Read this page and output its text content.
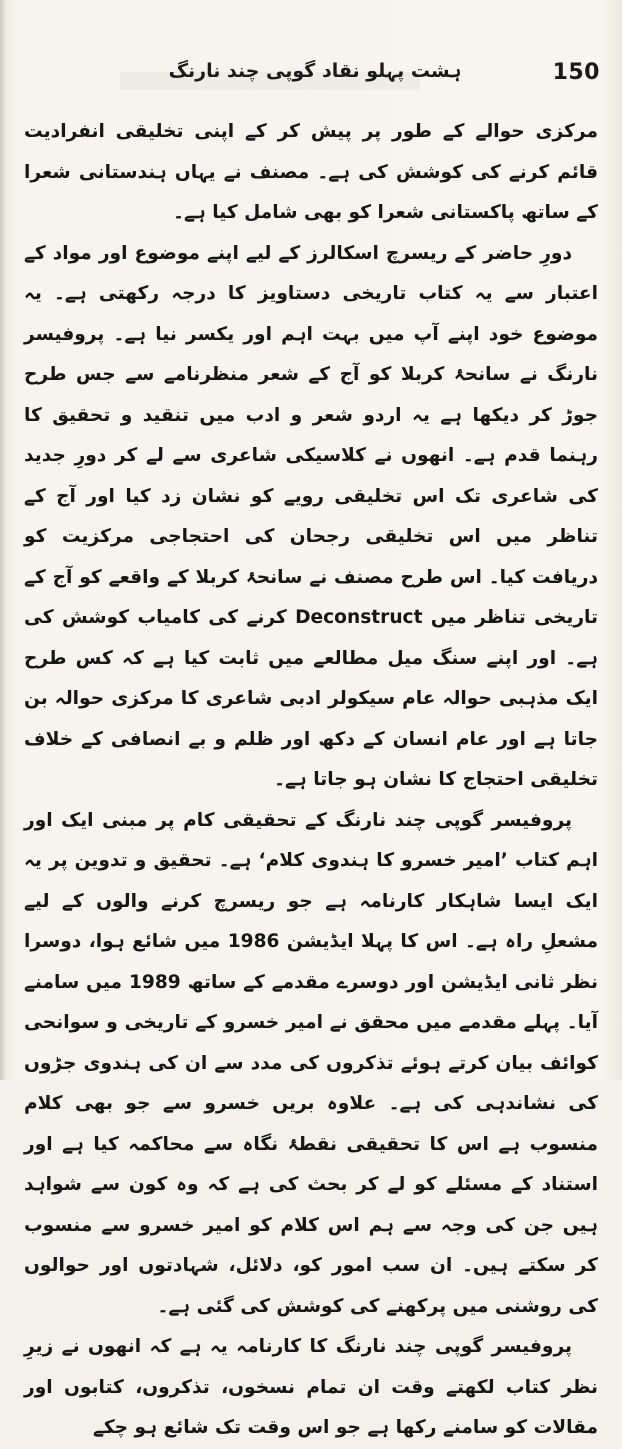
150
ہشت پہلو نقاد گوپی چند نارنگ

مرکزی حوالے کے طور پر پیش کر کے اپنی تخلیقی انفرادیت قائم کرنے کی کوشش کی ہے۔ مصنف نے یہاں ہندستانی شعرا کے ساتھ پاکستانی شعرا کو بھی شامل کیا ہے۔

دورِ حاضر کے ریسرچ اسکالرز کے لیے اپنے موضوع اور مواد کے اعتبار سے یہ کتاب تاریخی دستاویز کا درجہ رکھتی ہے۔ یہ موضوع خود اپنے آپ میں بہت اہم اور یکسر نیا ہے۔ پروفیسر نارنگ نے سانحۂ کربلا کو آج کے شعر منظرنامے سے جس طرح جوڑ کر دیکھا ہے یہ اردو شعر و ادب میں تنقید و تحقیق کا رہنما قدم ہے۔ انھوں نے کلاسیکی شاعری سے لے کر دورِ جدید کی شاعری تک اس تخلیقی رویے کو نشان زد کیا اور آج کے تناظر میں اس تخلیقی رجحان کی احتجاجی مرکزیت کو دریافت کیا۔ اس طرح مصنف نے سانحۂ کربلا کے واقعے کو آج کے تاریخی تناظر میں Deconstruct کرنے کی کامیاب کوشش کی ہے۔ اور اپنے سنگ میل مطالعے میں ثابت کیا ہے کہ کس طرح ایک مذہبی حوالہ عام سیکولر ادبی شاعری کا مرکزی حوالہ بن جاتا ہے اور عام انسان کے دکھ اور ظلم و بے انصافی کے خلاف تخلیقی احتجاج کا نشان ہو جاتا ہے۔

پروفیسر گوپی چند نارنگ کے تحقیقی کام پر مبنی ایک اور اہم کتاب ’امیر خسرو کا ہندوی کلام‘ ہے۔ تحقیق و تدوین پر یہ ایک ایسا شاہکار کارنامہ ہے جو ریسرچ کرنے والوں کے لیے مشعلِ راہ ہے۔ اس کا پہلا ایڈیشن 1986 میں شائع ہوا، دوسرا نظر ثانی ایڈیشن اور دوسرے مقدمے کے ساتھ 1989 میں سامنے آیا۔ پہلے مقدمے میں محقق نے امیر خسرو کے تاریخی و سوانحی کوائف بیان کرتے ہوئے تذکروں کی مدد سے ان کی ہندوی جڑوں کی نشاندہی کی ہے۔ علاوہ بریں خسرو سے جو بھی کلام منسوب ہے اس کا تحقیقی نقطۂ نگاہ سے محاکمہ کیا ہے اور استناد کے مسئلے کو لے کر بحث کی ہے کہ وہ کون سے شواہد ہیں جن کی وجہ سے ہم اس کلام کو امیر خسرو سے منسوب کر سکتے ہیں۔ ان سب امور کو، دلائل، شہادتوں اور حوالوں کی روشنی میں پرکھنے کی کوشش کی گئی ہے۔

پروفیسر گوپی چند نارنگ کا کارنامہ یہ ہے کہ انھوں نے زیرِ نظر کتاب لکھتے وقت ان تمام نسخوں، تذکروں، کتابوں اور مقالات کو سامنے رکھا ہے جو اس وقت تک شائع ہو چکے
